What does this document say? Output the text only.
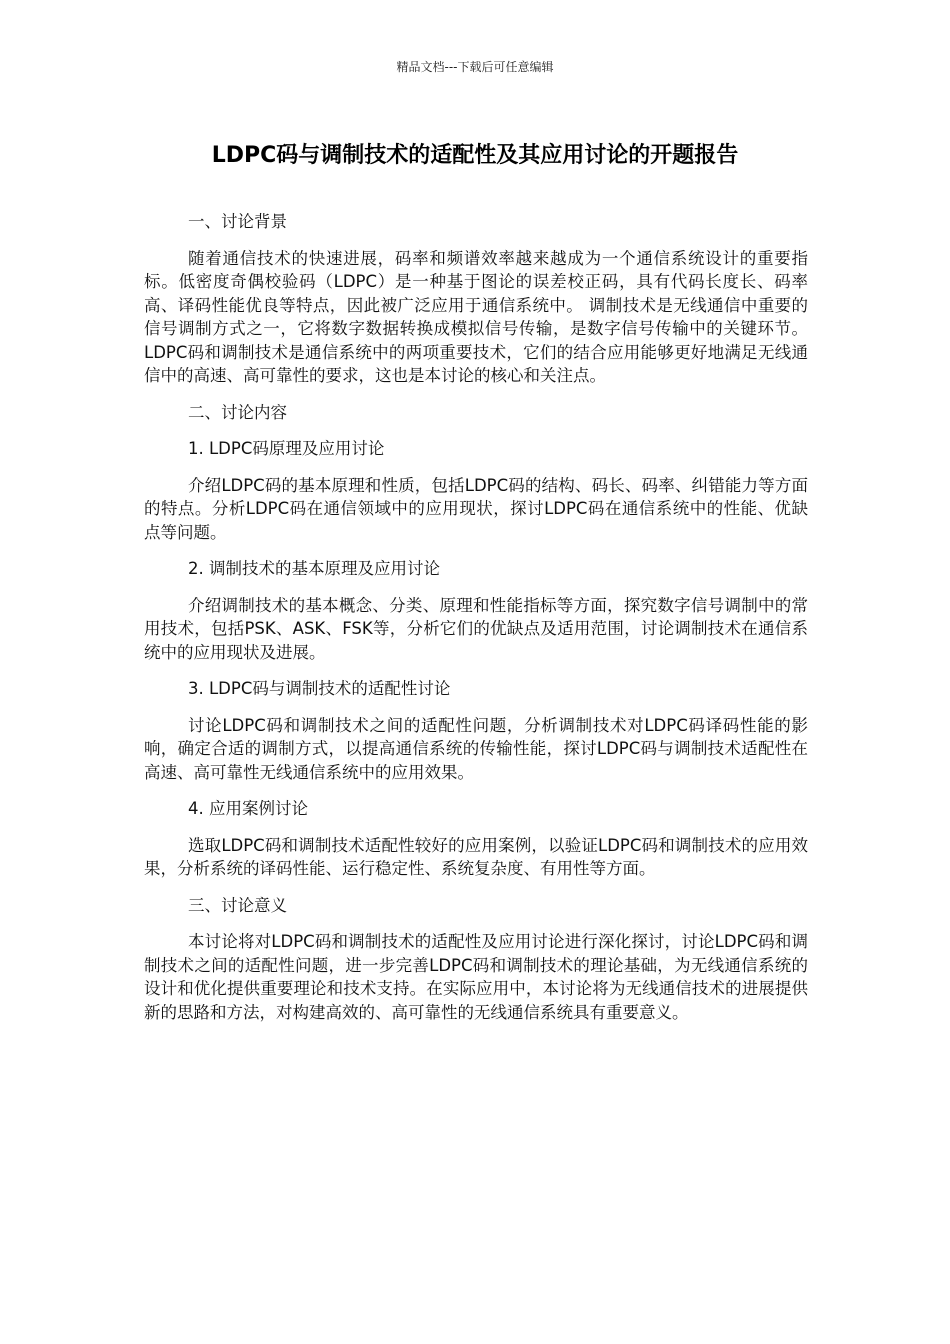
精品文档---下载后可任意编辑
LDPC码与调制技术的适配性及其应用讨论的开题报告

一、讨论背景

随着通信技术的快速进展，码率和频谱效率越来越成为一个通信系统设计的重要指标。低密度奇偶校验码（LDPC）是一种基于图论的误差校正码，具有代码长度长、码率高、译码性能优良等特点，因此被广泛应用于通信系统中。 调制技术是无线通信中重要的信号调制方式之一，它将数字数据转换成模拟信号传输，是数字信号传输中的关键环节。LDPC码和调制技术是通信系统中的两项重要技术，它们的结合应用能够更好地满足无线通信中的高速、高可靠性的要求，这也是本讨论的核心和关注点。

二、讨论内容

1. LDPC码原理及应用讨论

介绍LDPC码的基本原理和性质，包括LDPC码的结构、码长、码率、纠错能力等方面的特点。分析LDPC码在通信领域中的应用现状，探讨LDPC码在通信系统中的性能、优缺点等问题。

2. 调制技术的基本原理及应用讨论

介绍调制技术的基本概念、分类、原理和性能指标等方面，探究数字信号调制中的常用技术，包括PSK、ASK、FSK等，分析它们的优缺点及适用范围，讨论调制技术在通信系统中的应用现状及进展。

3. LDPC码与调制技术的适配性讨论

讨论LDPC码和调制技术之间的适配性问题，分析调制技术对LDPC码译码性能的影响，确定合适的调制方式，以提高通信系统的传输性能，探讨LDPC码与调制技术适配性在高速、高可靠性无线通信系统中的应用效果。

4. 应用案例讨论

选取LDPC码和调制技术适配性较好的应用案例，以验证LDPC码和调制技术的应用效果，分析系统的译码性能、运行稳定性、系统复杂度、有用性等方面。

三、讨论意义

本讨论将对LDPC码和调制技术的适配性及应用讨论进行深化探讨，讨论LDPC码和调制技术之间的适配性问题，进一步完善LDPC码和调制技术的理论基础，为无线通信系统的设计和优化提供重要理论和技术支持。在实际应用中，本讨论将为无线通信技术的进展提供新的思路和方法，对构建高效的、高可靠性的无线通信系统具有重要意义。
